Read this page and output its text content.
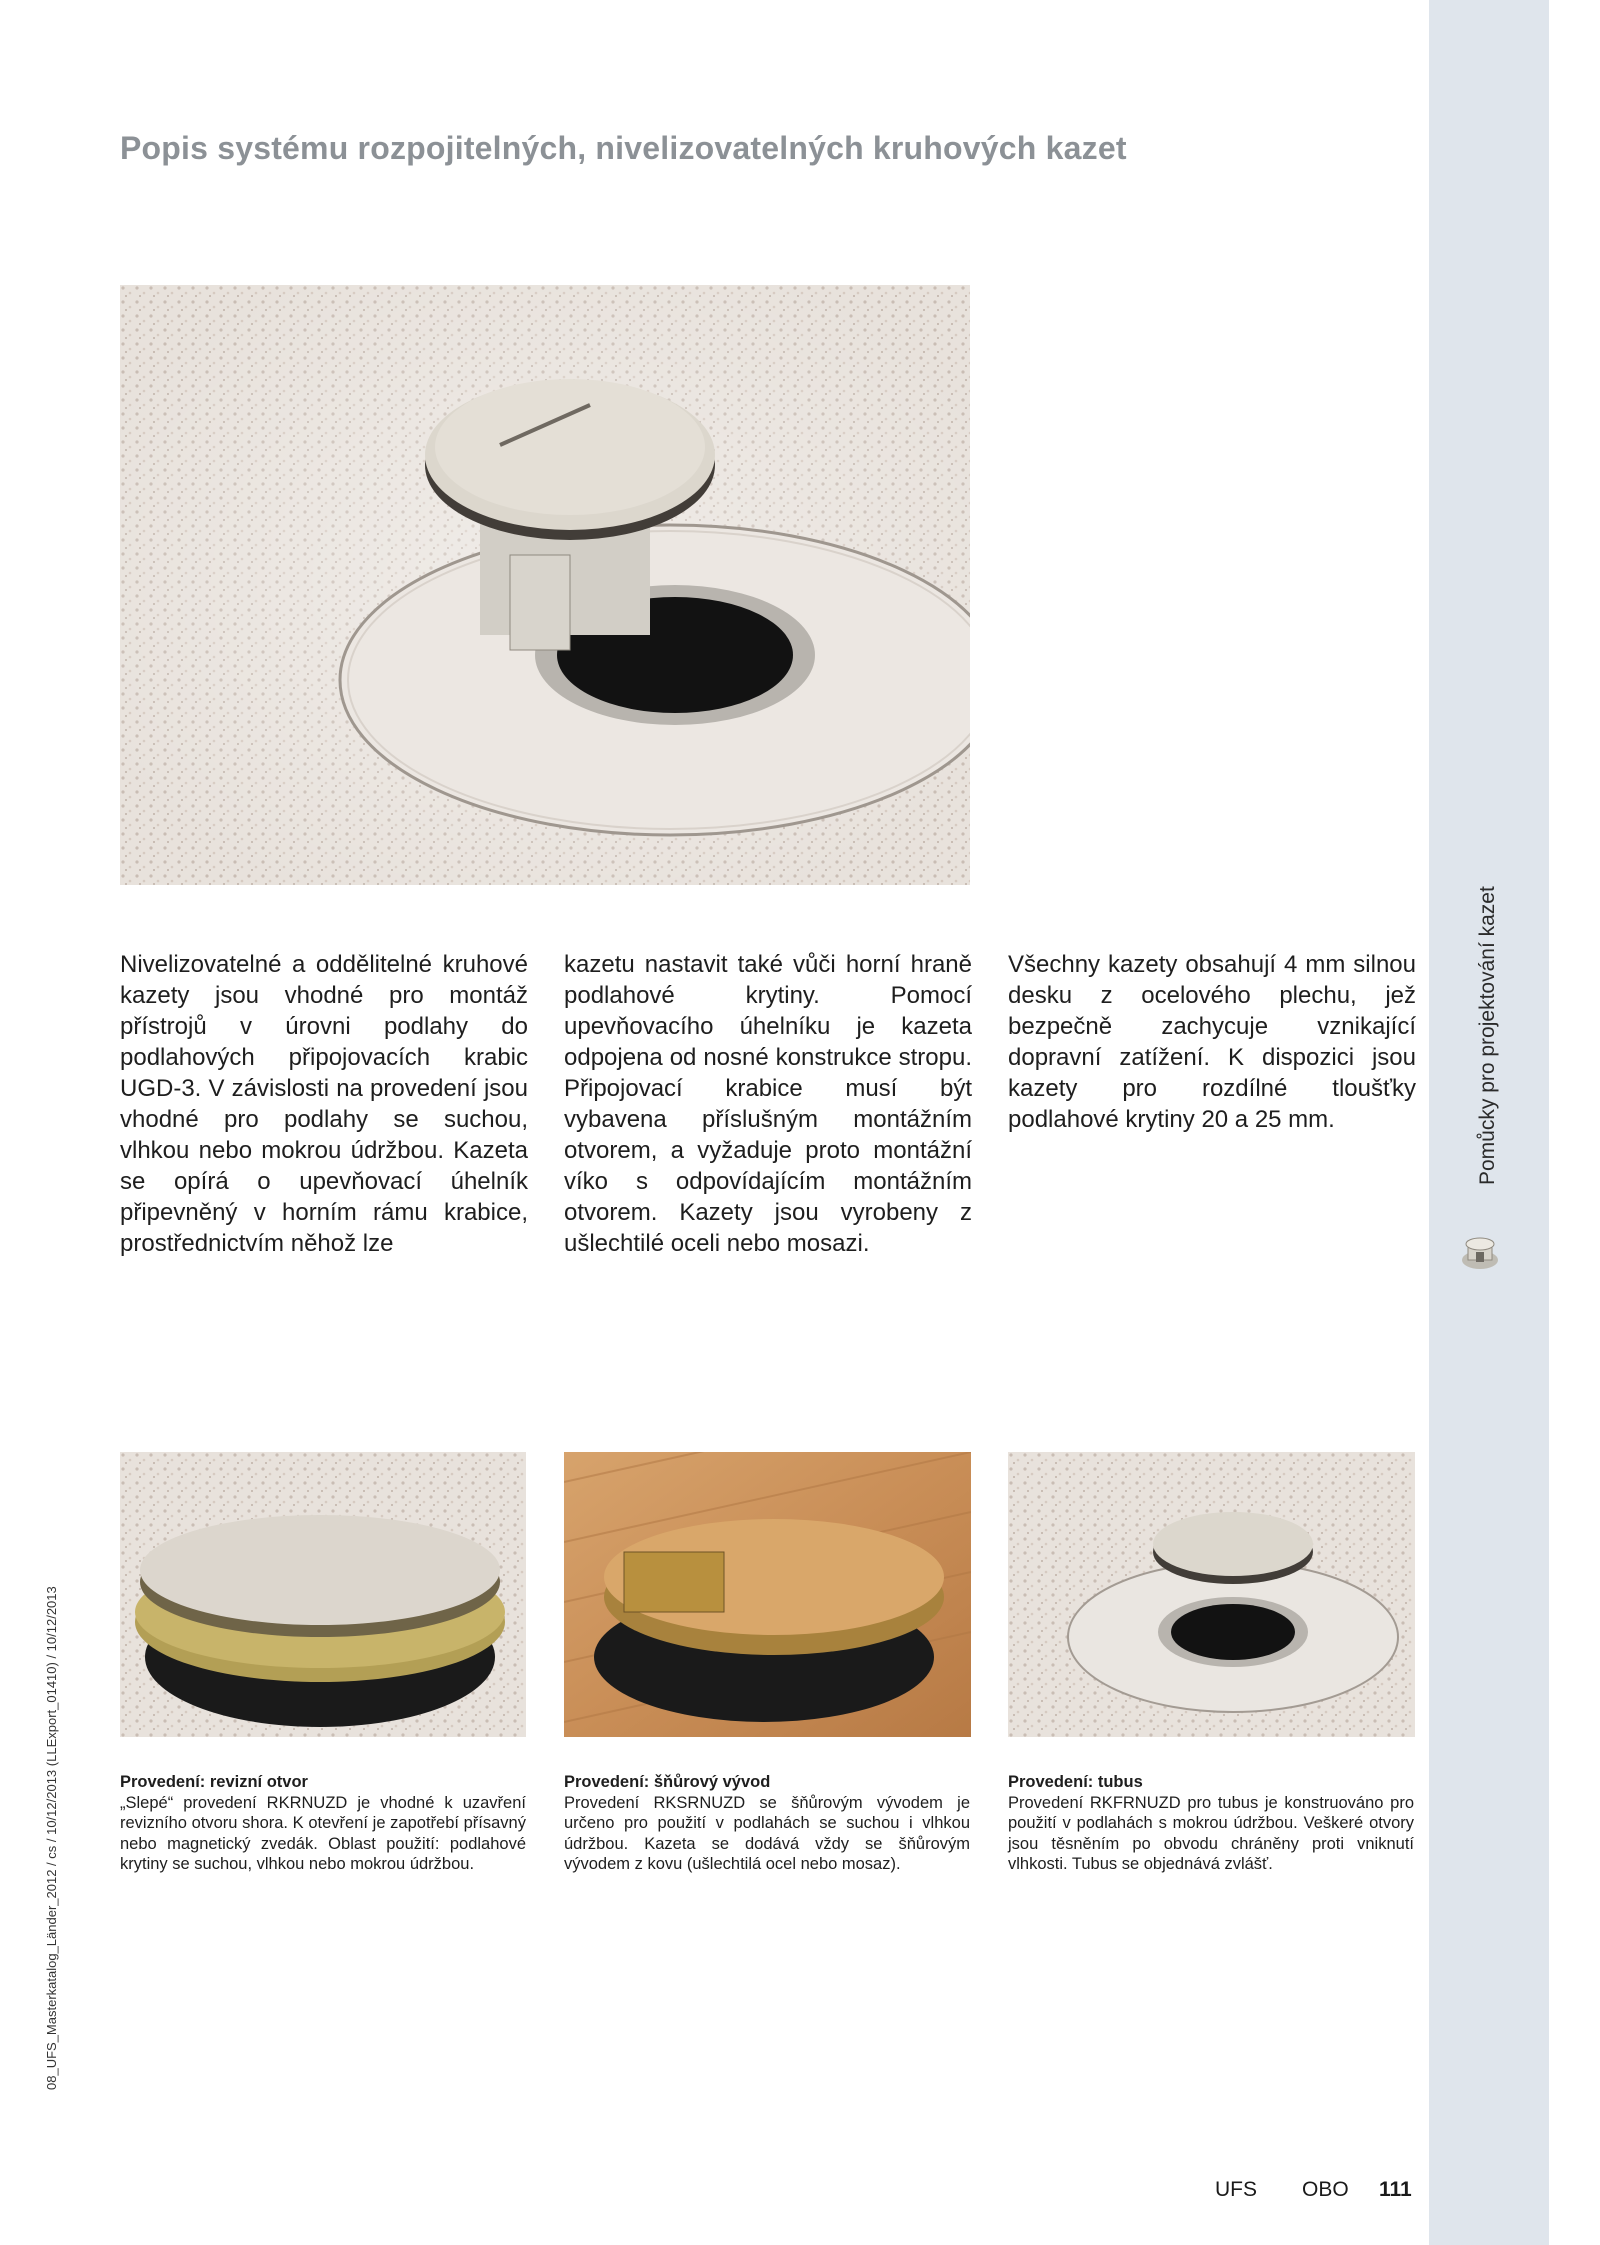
Pomůcky pro projektování kazet
08_UFS_Masterkatalog_Länder_2012 / cs / 10/12/2013 (LLExport_01410) / 10/12/2013
Popis systému rozpojitelných, nivelizovatelných kruhových kazet
Nivelizovatelné a oddělitelné kruhové kazety jsou vhodné pro montáž přístrojů v úrovni podlahy do podlahových připojovacích krabic UGD-3. V závislosti na provedení jsou vhodné pro podlahy se suchou, vlhkou nebo mokrou údržbou. Kazeta se opírá o upevňovací úhelník připevněný v horním rámu krabice, prostřednictvím něhož lze
kazetu nastavit také vůči horní hraně podlahové krytiny. Pomocí upevňovacího úhelníku je kazeta odpojena od nosné konstrukce stropu. Připojovací krabice musí být vybavena příslušným montážním otvorem, a vyžaduje proto montážní víko s odpovídajícím montážním otvorem. Kazety jsou vyrobeny z ušlechtilé oceli nebo mosazi.
Všechny kazety obsahují 4 mm silnou desku z ocelového plechu, jež bezpečně zachycuje vznikající dopravní zatížení. K dispozici jsou kazety pro rozdílné tloušťky podlahové krytiny 20 a 25 mm.
Provedení: revizní otvor
„Slepé“ provedení RKRNUZD je vhodné k uzavření revizního otvoru shora. K otevření je zapotřebí přísavný nebo magnetický zvedák. Oblast použití: podlahové krytiny se suchou, vlhkou nebo mokrou údržbou.
Provedení: šňůrový vývod
Provedení RKSRNUZD se šňůrovým vývodem je určeno pro použití v podlahách se suchou i vlhkou údržbou. Kazeta se dodává vždy se šňůrovým vývodem z kovu (ušlechtilá ocel nebo mosaz).
Provedení: tubus
Provedení RKFRNUZD pro tubus je konstruováno pro použití v podlahách s mokrou údržbou. Veškeré otvory jsou těsněním po obvodu chráněny proti vniknutí vlhkosti. Tubus se objednává zvlášť.
UFS OBO 111
